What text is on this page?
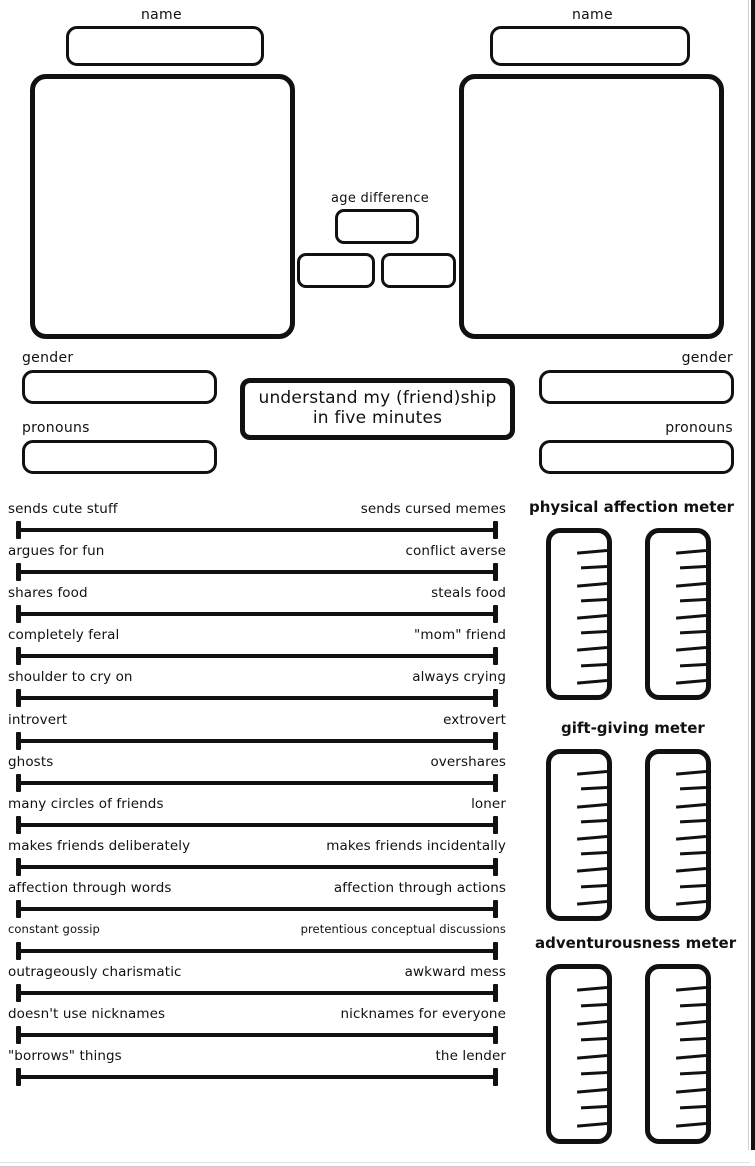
name	name
age difference
gender
pronouns
gender
pronouns
understand my (friend)ship
in five minutes
sends cute stuff	sends cursed memes
argues for fun	conflict averse
shares food	steals food
completely feral	"mom" friend
shoulder to cry on	always crying
introvert	extrovert
ghosts	overshares
many circles of friends	loner
makes friends deliberately	makes friends incidentally
affection through words	affection through actions
constant gossip	pretentious conceptual discussions
outrageously charismatic	awkward mess
doesn't use nicknames	nicknames for everyone
"borrows" things	the lender
physical affection meter
gift-giving meter
adventurousness meter
